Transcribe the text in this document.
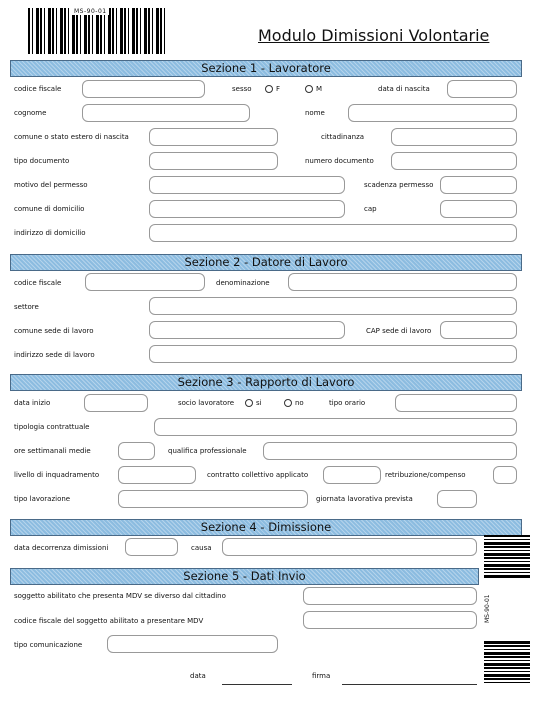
MS-90-01
Modulo Dimissioni Volontarie
Sezione 1 - Lavoratore
codice fiscale	sesso	F	M	data di nascita
cognome	nome
comune o stato estero di nascita	cittadinanza
tipo documento	numero documento
motivo del permesso	scadenza permesso
comune di domicilio	cap
indirizzo di domicilio
Sezione 2 - Datore di Lavoro
codice fiscale	denominazione
settore
comune sede di lavoro	CAP sede di lavoro
indirizzo sede di lavoro
Sezione 3 - Rapporto di Lavoro
data inizio	socio lavoratore	si	no	tipo orario
tipologia contrattuale
ore settimanali medie	qualifica professionale
livello di inquadramento	contratto collettivo applicato	retribuzione/compenso
tipo lavorazione	giornata lavorativa prevista
Sezione 4 - Dimissione
data decorrenza dimissioni	causa
Sezione 5 - Dati Invio
soggetto abilitato che presenta MDV se diverso dal cittadino
codice fiscale del soggetto abilitato a presentare MDV
tipo comunicazione
data	firma
MS-90-01
